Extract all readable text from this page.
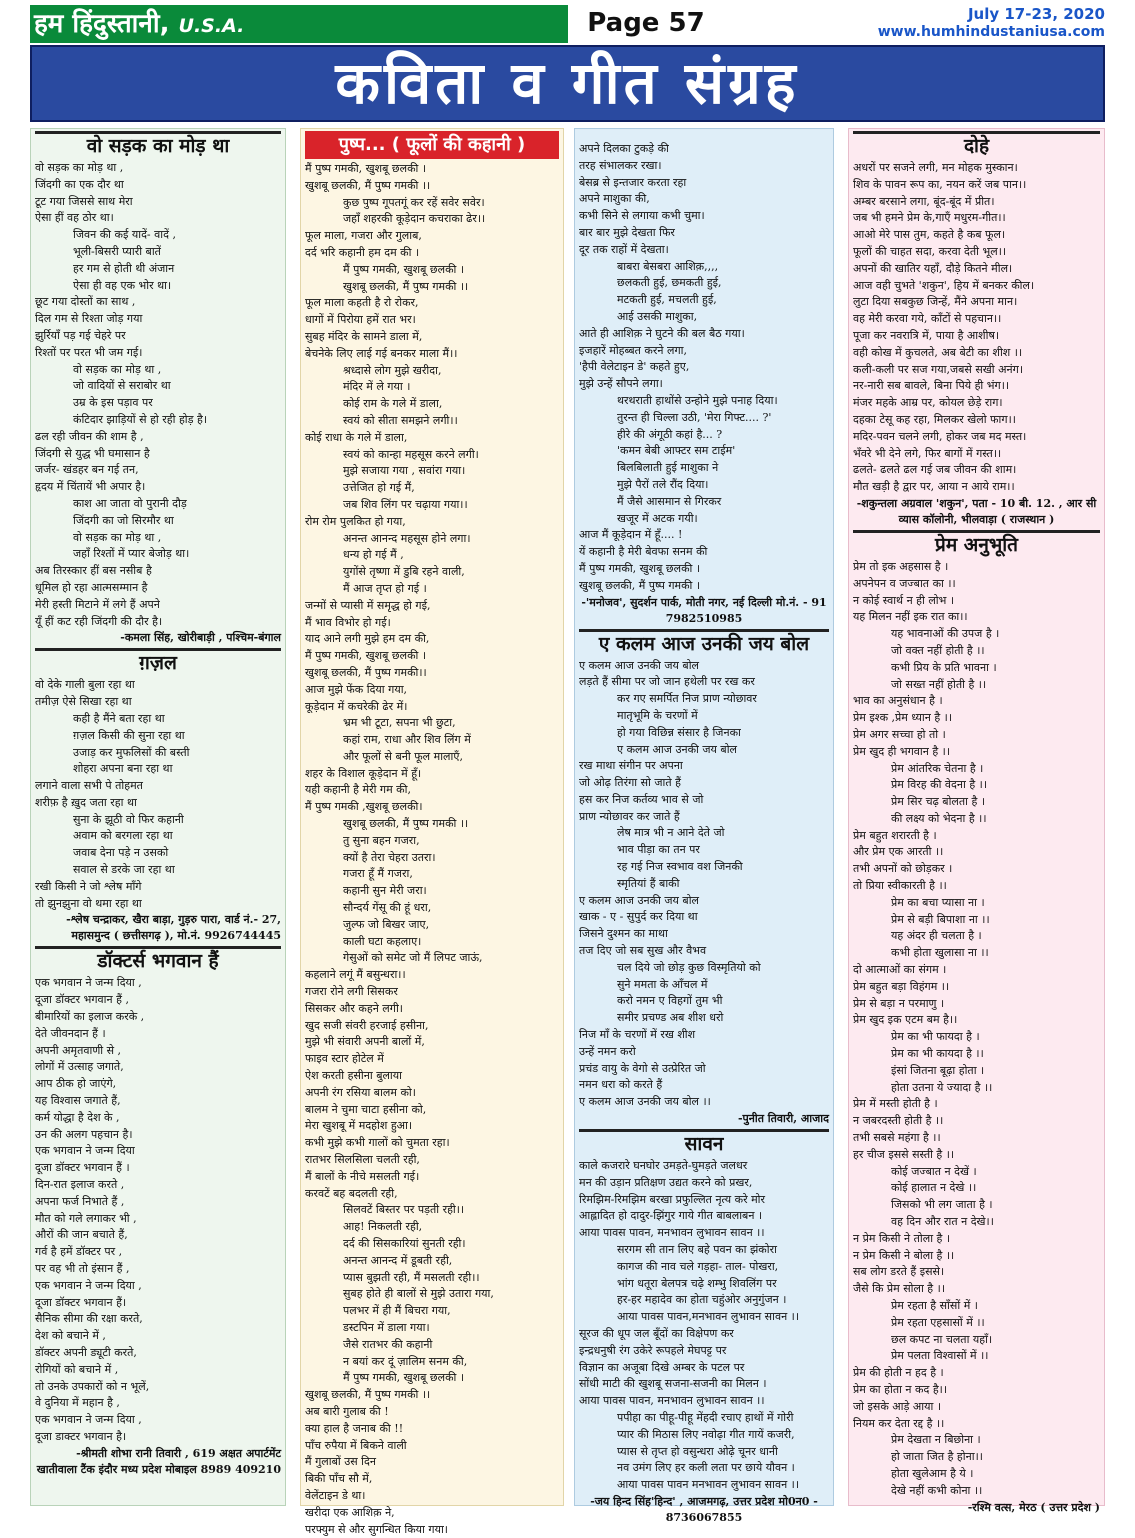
हम हिंदुस्तानी, U.S.A.	Page 57	July 17-23, 2020
www.humhindustaniusa.com
कविता व गीत संग्रह
वो सड़क का मोड़ था
वो सड़क का मोड़ था ,
जिंदगी का एक दौर था
टूट गया जिससे साथ मेरा
ऐसा हीं वह ठोर था।
जिवन की कई यादें- वादें ,
भूली-बिसरी प्यारी बातें
हर गम से होती थी अंजान
ऐसा ही वह एक भोर था।
छूट गया दोस्तों का साथ ,
दिल गम से रिश्ता जोड़ गया
झुर्रियाँ पड़ गई चेहरे पर
रिश्तों पर परत भी जम गई।
वो सड़क का मोड़ था ,
जो वादियों से सराबोर था
उम्र के इस पड़ाव पर
कंटिदार झाड़ियों से हो रही होड़ है।
ढल रही जीवन की शाम है ,
जिंदगी से युद्ध भी घमासान है
जर्जर- खंडहर बन गई तन,
हृदय में चिंतायें भी अपार है।
काश आ जाता वो पुरानी दौड़
जिंदगी का जो सिरमौर था
वो सड़क का मोड़ था ,
जहाँ रिश्तों में प्यार बेजोड़ था।
अब तिरस्कार हीं बस नसीब है
धूमिल हो रहा आत्मसम्मान है
मेरी हस्ती मिटाने में लगे हैं अपने
यूँ हीं कट रही जिंदगी की दौर है।
-कमला सिंह, खोरीबाड़ी , पश्चिम-बंगाल
ग़ज़ल
वो देके गाली बुला रहा था
तमीज़ ऐसे सिखा रहा था
कही है मैंने बता रहा था
ग़ज़ल किसी की सुना रहा था
उजाड़ कर मुफलिसों की बस्ती
शोहरा अपना बना रहा था
लगाने वाला सभी पे तोहमत
शरीफ़ है ख़ुद जता रहा था
सुना के झूठी वो फिर कहानी
अवाम को बरगला रहा था
जवाब देना पड़े न उसको
सवाल से डरके जा रहा था
रखी किसी ने जो श्लेष माँगे
तो झुनझुना वो थमा रहा था
-श्लेष चन्द्राकर, खैरा बाड़ा, गुड़रु पारा, वार्ड नं.- 27, महासमुन्द ( छत्तीसगढ़ ), मो.नं. 9926744445
डॉक्टर्स भगवान हैं
एक भगवान ने जन्म दिया ,
दूजा डॉक्टर भगवान हैं ,
बीमारियों का इलाज करके ,
देते जीवनदान हैं ।
अपनी अमृतवाणी से ,
लोगों में उत्साह जगाते,
आप ठीक हो जाएंगे,
यह विश्वास जगाते हैं,
कर्म योद्धा है देश के ,
उन की अलग पहचान है।
एक भगवान ने जन्म दिया
दूजा डॉक्टर भगवान हैं ।
दिन-रात इलाज करते ,
अपना फर्ज निभाते हैं ,
मौत को गले लगाकर भी ,
औरों की जान बचाते हैं,
गर्व है हमें डॉक्टर पर ,
पर वह भी तो इंसान हैं ,
एक भगवान ने जन्म दिया ,
दूजा डॉक्टर भगवान हैं।
सैनिक सीमा की रक्षा करते,
देश को बचाने में ,
डॉक्टर अपनी ड्यूटी करते,
रोगियों को बचाने में ,
तो उनके उपकारों को न भूलें,
वे दुनिया में महान है ,
एक भगवान ने जन्म दिया ,
दूजा डाक्टर भगवान है।
-श्रीमती शोभा रानी तिवारी , 619 अक्षत अपार्टमेंट खातीवाला टैंक इंदौर मध्य प्रदेश मोबाइल 8989 409210
पुष्प... ( फूलों की कहानी )
मैं पुष्प गमकी, खुशबू छलकी ।
खुशबू छलकी, मैं पुष्प गमकी ।।
कुछ पुष्प गूपतगूं कर रहें सवेर सवेर।
जहाँ शहरकी कूड़ेदान कचराका ढेर।।
फूल माला, गजरा और गुलाब,
दर्द भरि कहानी हम दम की ।
मैं पुष्प गमकी, खुशबू छलकी ।
खुशबू छलकी, मैं पुष्प गमकी ।।
फूल माला कहती है रो रोकर,
धागों में पिरोया हमें रात भर।
सुबह मंदिर के सामने डाला में,
बेचनेके लिए लाई गई बनकर माला मैं।।
श्रध्दासे लोग मुझे खरीदा,
मंदिर में ले गया ।
कोई राम के गले में डाला,
स्वयं को सीता समझने लगी।।
कोई राधा के गले में डाला,
स्वयं को कान्हा महसूस करने लगी।
मुझे सजाया गया , सवांरा गया।
उत्तेजित हो गई मैं,
जब शिव लिंग पर चढ़ाया गया।।
रोम रोम पुलकित हो गया,
अनन्त आनन्द महसूस होने लगा।
धन्य हो गई मैं ,
युगोंसे तृष्णा में डुबि रहने वाली,
मैं आज तृप्त हो गई ।
जन्मों से प्यासी में समृद्ध हो गई,
मैं भाव विभोर हो गई।
याद आने लगी मुझे हम दम की,
मैं पुष्प गमकी, खुशबू छलकी ।
खुशबू छलकी, मैं पुष्प गमकी।।
आज मुझे फेंक दिया गया,
कूड़ेदान में कचरेकी ढेर में।
भ्रम भी टूटा, सपना भी छुटा,
कहां राम, राधा और शिव लिंग में
और फूलों से बनी फूल मालाएँ,
शहर के विशाल कूड़ेदान में हूँ।
यही कहानी है मेरी गम की,
मैं पुष्प गमकी ,खुशबू छलकी।
खुशबू छलकी, मैं पुष्प गमकी ।।
तु सुना बहन गजरा,
क्यों है तेरा चेहरा उतरा।
गजरा हूँ मैं गजरा,
कहानी सुन मेरी जरा।
सौन्दर्य गेंसू की हूं धरा,
जुल्फ जो बिखर जाए,
काली घटा कहलाए।
गेसुओं को समेट जो मैं लिपट जाऊं,
कहलाने लगूं मैं बसुन्धरा।।
गजरा रोने लगी सिसकर
सिसकर और कहने लगी।
खुद सजी संवरी हरजाई हसीना,
मुझे भी संवारी अपनी बालों में,
फाइव स्टार होटेल में
ऐश करती हसीना बुलाया
अपनी रंग रसिया बालम को।
बालम ने चुमा चाटा हसीना को,
मेरा खुशबू में मदहोश हुआ।
कभी मुझे कभी गालों को चुमता रहा।
रातभर सिलसिला चलती रही,
मैं बालों के नीचे मसलती गई।
करवटें बह बदलती रही,
सिलवटें बिस्तर पर पड़ती रही।।
आह! निकलती रही,
दर्द की सिसकारियां सुनती रही।
अनन्त आनन्द में डूबती रही,
प्यास बुझती रही, मैं मसलती रही।।
सुबह होते ही बालों से मुझे उतारा गया,
पलभर में ही मैं बिचरा गया,
डस्टपिन में डाला गया।
जैसे रातभर की कहानी
न बयां कर दूं ज़ालिम सनम की,
मैं पुष्प गमकी, खुशबू छलकी ।
खुशबू छलकी, मैं पुष्प गमकी ।।
अब बारी गुलाब की !
क्या हाल है जनाब की !!
पाँच रुपैया में बिकने वाली
मैं गुलाबों उस दिन
बिकी पाँच सौ में,
वेलेंटाइन डे था।
खरीदा एक आशिक़ ने,
परफ्युम से और सुगन्धित किया गया।
अपने दिलका टुकड़े की
तरह संभालकर रखा।
बेसब्र से इन्तजार करता रहा
अपने माशुका की,
कभी सिने से लगाया कभी चुमा।
बार बार मुझे देखता फिर
दूर तक राहों में देखता।
बाबरा बेसबरा आशिक़,,,,
छलकती हुई, छमकती हुई,
मटकती हुई, मचलती हुई,
आई उसकी माशुका,
आते ही आशिक़ ने घुटने की बल बैठ गया।
इजहारें मोहब्बत करने लगा,
'हैपी वेलेटाइन डे' कहते हुए,
मुझे उन्हें सौपने लगा।
थरथराती हाथोंसे उन्होने मुझे पनाह दिया।
तुरन्त ही चिल्ला उठी, 'मेरा गिफ्ट.... ?'
हीरे की अंगूठी कहां है... ?
'कमन बेबी आफ्टर सम टाईम'
बिलबिलाती हुई माशुका ने
मुझे पैरों तले रौंद दिया।
मैं जैसे आसमान से गिरकर
खजूर में अटक गयी।
आज मैं कूड़ेदान में हूँ.... !
यें कहानी है मेरी बेवफा सनम की
मैं पुष्प गमकी, खुशबू छलकी ।
खुशबू छलकी, मैं पुष्प गमकी ।
-'मनोजव', सुदर्शन पार्क, मोती नगर, नई दिल्ली मो.नं. - 91 7982510985
ए कलम आज उनकी जय बोल
ए कलम आज उनकी जय बोल
लड़ते हैं सीमा पर जो जान हथेली पर रख कर
कर गए समर्पित निज प्राण न्योछावर
मातृभूमि के चरणों में
हो गया विछिन्न संसार है जिनका
ए कलम आज उनकी जय बोल
रख माथा संगीन पर अपना
जो ओढ़ तिरंगा सो जाते हैं
हस कर निज कर्तव्य भाव से जो
प्राण न्योछावर कर जाते हैं
लेष मात्र भी न आने देते जो
भाव पीड़ा का तन पर
रह गई निज स्वभाव वश जिनकी
स्मृतियां हैं बाकी
ए कलम आज उनकी जय बोल
खाक - ए - सुपुर्द कर दिया था
जिसने दुश्मन का माथा
तज दिए जो सब सुख और वैभव
चल दिये जो छोड़ कुछ विस्मृतियो को
सुने ममता के आँचल में
करो नमन ए विहगों तुम भी
समीर प्रचण्ड अब शीश धरो
निज माँ के चरणों में रख शीश
उन्हें नमन करो
प्रचंड वायु के वेगो से उत्प्रेरित जो
नमन धरा को करते हैं
ए कलम आज उनकी जय बोल ।।
-पुनीत तिवारी, आजाद
सावन
काले कजरारे घनघोर उमड़ते-घुमड़ते जलधर
मन की उड़ान प्रतिक्षण उद्यत करने को प्रखर,
रिमझिम-रिमझिम बरखा प्रफुल्लित नृत्य करे मोर
आह्लादित हो दादुर-झिंगुर गाये गीत बाबलाबन ।
आया पावस पावन, मनभावन लुभावन सावन ।।
सरगम सी तान लिए बहे पवन का झंकोरा
कागज की नाव चले गड़हा- ताल- पोखरा,
भांग धतूरा बेलपत्र चढ़े शम्भु शिवलिंग पर
हर-हर महादेव का होता चहुंओर अनुगुंजन ।
आया पावस पावन,मनभावन लुभावन सावन ।।
सूरज की धूप जल बूँदों का विक्षेपण कर
इन्द्रधनुषी रंग उकेरे रूपहले मेघपट्ट पर
विज्ञान का अजूबा दिखे अम्बर के पटल पर
सोंधी माटी की खुशबू सजना-सजनी का मिलन ।
आया पावस पावन, मनभावन लुभावन सावन ।।
पपीहा का पीहू-पीहू मेंहदी रचाए हाथों में गोरी
प्यार की मिठास लिए नवोढ़ा गीत गायें कजरी,
प्यास से तृप्त हो वसुन्धरा ओढ़े चूनर धानी
नव उमंग लिए हर कली लता पर छाये यौवन ।
आया पावस पावन मनभावन लुभावन सावन ।।
-जय हिन्द सिंह'हिन्द' , आजमगढ़, उत्तर प्रदेश मो0न0 - 8736067855
दोहे
अधरों पर सजने लगी, मन मोहक मुस्कान।
शिव के पावन रूप का, नयन करें जब पान।।
अम्बर बरसाने लगा, बूंद-बूंद में प्रीत।
जब भी हमने प्रेम के,गाएँ मधुरम-गीत।।
आओ मेरे पास तुम, कहते है कब फूल।
फूलों की चाहत सदा, करवा देती भूल।।
अपनों की खातिर यहाँ, दौड़े कितने मील।
आज वही चुभते 'शकुन', हिय में बनकर कील।
लुटा दिया सबकुछ जिन्हें, मैंने अपना मान।
वह मेरी करवा गये, काँटों से पहचान।।
पूजा कर नवरात्रि में, पाया है आशीष।
वही कोख में कुचलते, अब बेटी का शीश ।।
कली-कली पर सज गया,जबसे सखी अनंग।
नर-नारी सब बावले, बिना पिये ही भंग।।
मंजर महके आम्र पर, कोयल छेड़े राग।
दहका टेसू कह रहा, मिलकर खेलो फाग।।
मदिर-पवन चलने लगी, होकर जब मद मस्त।
भँवरे भी देने लगे, फिर बागों में गस्त।।
ढलते- ढलते ढल गई जब जीवन की शाम।
मौत खड़ी है द्वार पर, आया न आये राम।।
-शकुन्तला अग्रवाल 'शकुन', पता - 10 बी. 12. , आर सी व्यास कॉलोनी, भीलवाड़ा ( राजस्थान )
प्रेम अनुभूति
प्रेम तो इक अहसास है ।
अपनेपन व जज्बात का ।।
न कोई स्वार्थ न ही लोभ ।
यह मिलन नहीं इक रात का।।
यह भावनाओं की उपज है ।
जो वक्त नहीं होती है ।।
कभी प्रिय के प्रति भावना ।
जो सख्त नहीं होती है ।।
भाव का अनुसंधान है ।
प्रेम इश्क ,प्रेम ध्यान है ।।
प्रेम अगर सच्चा हो तो ।
प्रेम खुद ही भगवान है ।।
प्रेम आंतरिक चेतना है ।
प्रेम विरह की वेदना है ।।
प्रेम सिर चढ़ बोलता है ।
की लक्ष्य को भेदना है ।।
प्रेम बहुत शरारती है ।
और प्रेम एक आरती ।।
तभी अपनों को छोड़कर ।
तो प्रिया स्वीकारती है ।।
प्रेम का बचा प्यासा ना ।
प्रेम से बड़ी बिपाशा ना ।।
यह अंदर ही चलता है ।
कभी होता खुलासा ना ।।
दो आत्माओं का संगम ।
प्रेम बहुत बड़ा विहंगम ।।
प्रेम से बड़ा न परमाणु ।
प्रेम खुद इक एटम बम है।।
प्रेम का भी फायदा है ।
प्रेम का भी कायदा है ।।
इंसां जितना बूढ़ा होता ।
होता उतना ये ज्यादा है ।।
प्रेम में मस्ती होती है ।
न जबरदस्ती होती है ।।
तभी सबसे महंगा है ।।
हर चीज इससे सस्ती है ।।
कोई जज्बात न देखें ।
कोई हालात न देखे ।।
जिसको भी लग जाता है ।
वह दिन और रात न देखे।।
न प्रेम किसी ने तोला है ।
न प्रेम किसी ने बोला है ।।
सब लोग डरते हैं इससे।
जैसे कि प्रेम सोला है ।।
प्रेम रहता है साँसों में ।
प्रेम रहता एहसासों में ।।
छल कपट ना चलता यहाँ।
प्रेम पलता विश्वासों में ।।
प्रेम की होती न हद है ।
प्रेम का होता न कद है।।
जो इसके आड़े आया ।
नियम कर देता रद्द है ।।
प्रेम देखता न बिछोना ।
हो जाता जित है होना।।
होता खुलेआम है ये ।
देखे नहीं कभी कोना ।।
-रश्मि वत्स, मेरठ ( उत्तर प्रदेश )
